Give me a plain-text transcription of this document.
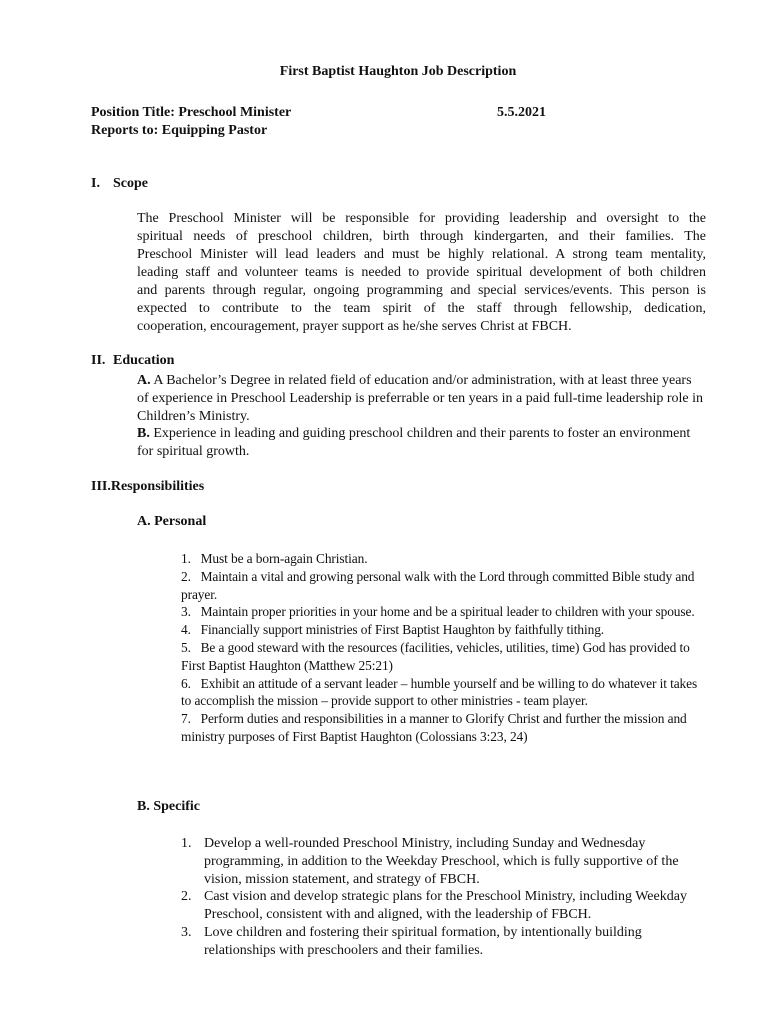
First Baptist Haughton Job Description
Position Title: Preschool Minister	5.5.2021
Reports to: Equipping Pastor
I. Scope
The Preschool Minister will be responsible for providing leadership and oversight to the
spiritual needs of preschool children, birth through kindergarten, and their families. The
Preschool Minister will lead leaders and must be highly relational. A strong team mentality,
leading staff and volunteer teams is needed to provide spiritual development of both children
and parents through regular, ongoing programming and special services/events. This person is
expected to contribute to the team spirit of the staff through fellowship, dedication,
cooperation, encouragement, prayer support as he/she serves Christ at FBCH.
II. Education
A. A Bachelor’s Degree in related field of education and/or administration, with at least three years of experience in Preschool Leadership is preferrable or ten years in a paid full-time leadership role in Children’s Ministry.
B. Experience in leading and guiding preschool children and their parents to foster an environment for spiritual growth.
III.Responsibilities
A. Personal
1. Must be a born-again Christian.
2. Maintain a vital and growing personal walk with the Lord through committed Bible study and prayer.
3. Maintain proper priorities in your home and be a spiritual leader to children with your spouse.
4. Financially support ministries of First Baptist Haughton by faithfully tithing.
5. Be a good steward with the resources (facilities, vehicles, utilities, time) God has provided to First Baptist Haughton (Matthew 25:21)
6. Exhibit an attitude of a servant leader – humble yourself and be willing to do whatever it takes to accomplish the mission – provide support to other ministries - team player.
7. Perform duties and responsibilities in a manner to Glorify Christ and further the mission and ministry purposes of First Baptist Haughton (Colossians 3:23, 24)
B. Specific
1. Develop a well-rounded Preschool Ministry, including Sunday and Wednesday programming, in addition to the Weekday Preschool, which is fully supportive of the vision, mission statement, and strategy of FBCH.
2. Cast vision and develop strategic plans for the Preschool Ministry, including Weekday Preschool, consistent with and aligned, with the leadership of FBCH.
3. Love children and fostering their spiritual formation, by intentionally building relationships with preschoolers and their families.
